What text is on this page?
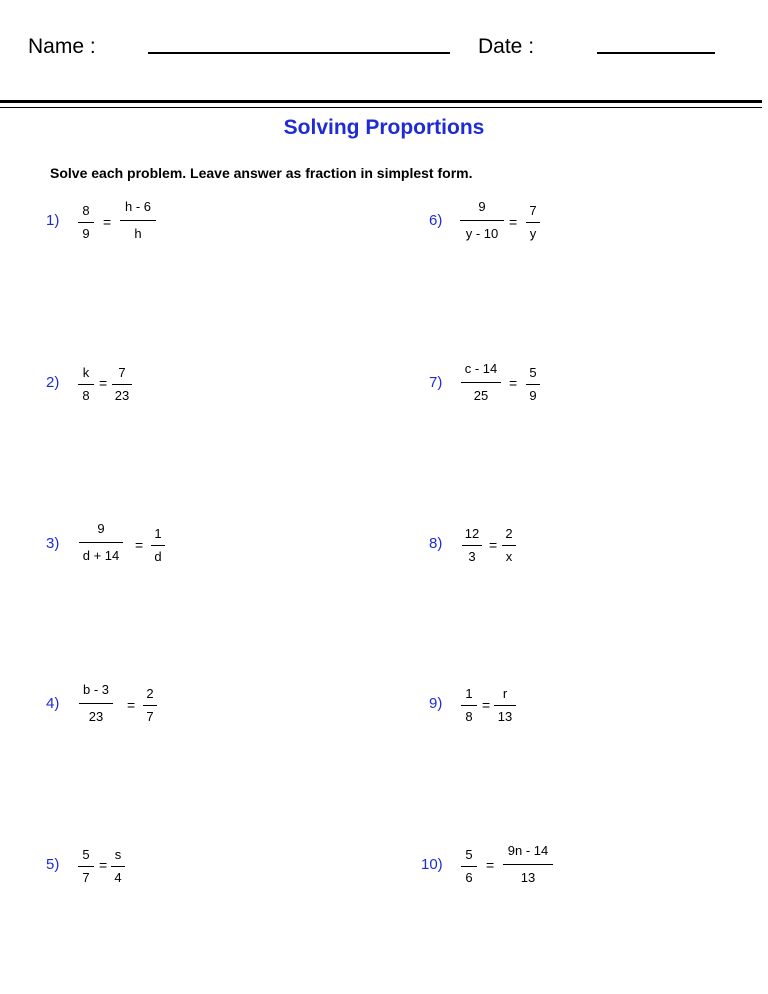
Name :	Date :
Solving Proportions
Solve each problem. Leave answer as fraction in simplest form.
1)
8
9
=
h - 6
h
2)
k
8
=
7
23
3)
9
d + 14
=
1
d
4)
b - 3
23
=
2
7
5)
5
7
=
s
4
6)
9
y - 10
=
7
y
7)
c - 14
25
=
5
9
8)
12
3
=
2
x
9)
1
8
=
r
13
10)
5
6
=
9n - 14
13
